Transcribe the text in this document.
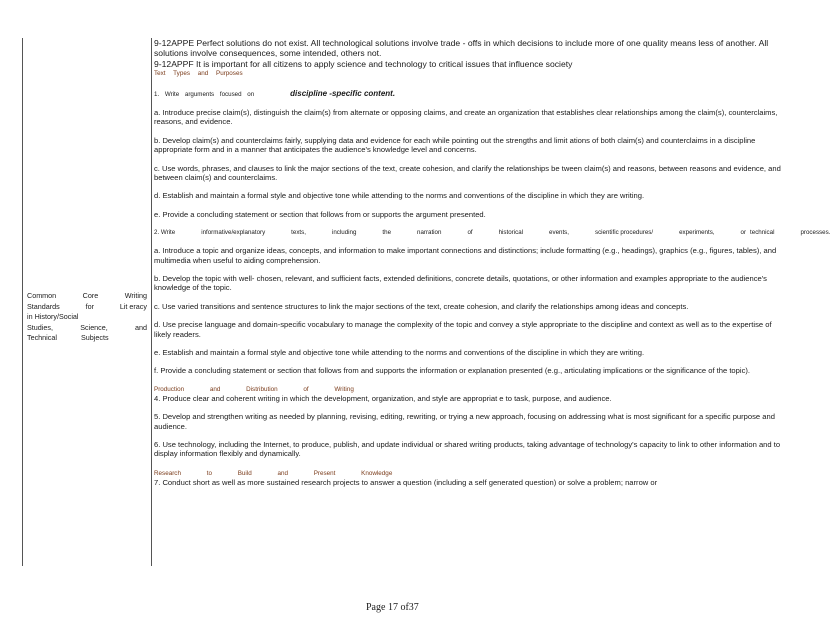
Common	Core	Writing
Standards	for	Lit eracy
in History/Social
Studies,	Science,	and
Technical	Subjects

9-12APPE Perfect solutions do not exist. All technological solutions involve trade - offs in which decisions to include more of one quality means less of another. All solutions involve consequences, some intended, others not.

9-12APPF It is important for all citizens to apply science and technology to critical issues that influence society

Text Types and Purposes

1. Write arguments focused on	discipline -specific content.

a. Introduce precise claim(s), distinguish the claim(s) from alternate or opposing claims, and create an organization that establishes clear relationships among the claim(s), counterclaims, reasons, and evidence.

b. Develop claim(s) and counterclaims fairly, supplying data and evidence for each while pointing out the strengths and limit ations of both claim(s) and counterclaims in a discipline appropriate form and in a manner that anticipates the audience's knowledge level and concerns.

c. Use words, phrases, and clauses to link the major sections of the text, create cohesion, and clarify the relationships be tween claim(s) and reasons, between reasons and evidence, and between claim(s) and counterclaims.

d. Establish and maintain a formal style and objective tone while attending to the norms and conventions of the discipline in which they are writing.

e. Provide a concluding statement or section that follows from or supports the argument presented.

2. Write	informative/explanatory	texts,	including	the	narration	of	historical	events,	scientific procedures/	experiments,	or technical	processes.

a. Introduce a topic and organize ideas, concepts, and information to make important connections and distinctions; include formatting (e.g., headings), graphics (e.g., figures, tables), and multimedia when useful to aiding comprehension.

b. Develop the topic with well- chosen, relevant, and sufficient facts, extended definitions, concrete details, quotations, or other information and examples appropriate to the audience's knowledge of the topic.

c. Use varied transitions and sentence structures to link the major sections of the text, create cohesion, and clarify the relationships among ideas and concepts.

d. Use precise language and domain-specific vocabulary to manage the complexity of the topic and convey a style appropriate to the discipline and context as well as to the expertise of likely readers.

e. Establish and maintain a formal style and objective tone while attending to the norms and conventions of the discipline in which they are writing.

f. Provide a concluding statement or section that follows from and supports the information or explanation presented (e.g., articulating implications or the significance of the topic).

Production and Distribution of Writing

4. Produce clear and coherent writing in which the development, organization, and style are appropriat e to task, purpose, and audience.

5. Develop and strengthen writing as needed by planning, revising, editing, rewriting, or trying a new approach, focusing on addressing what is most significant for a specific purpose and audience.

6. Use technology, including the Internet, to produce, publish, and update individual or shared writing products, taking advantage of technology's capacity to link to other information and to display information flexibly and dynamically.

Research to Build and Present Knowledge

7. Conduct short as well as more sustained research projects to answer a question (including a self generated question) or solve a problem; narrow or

Page 17 of37
